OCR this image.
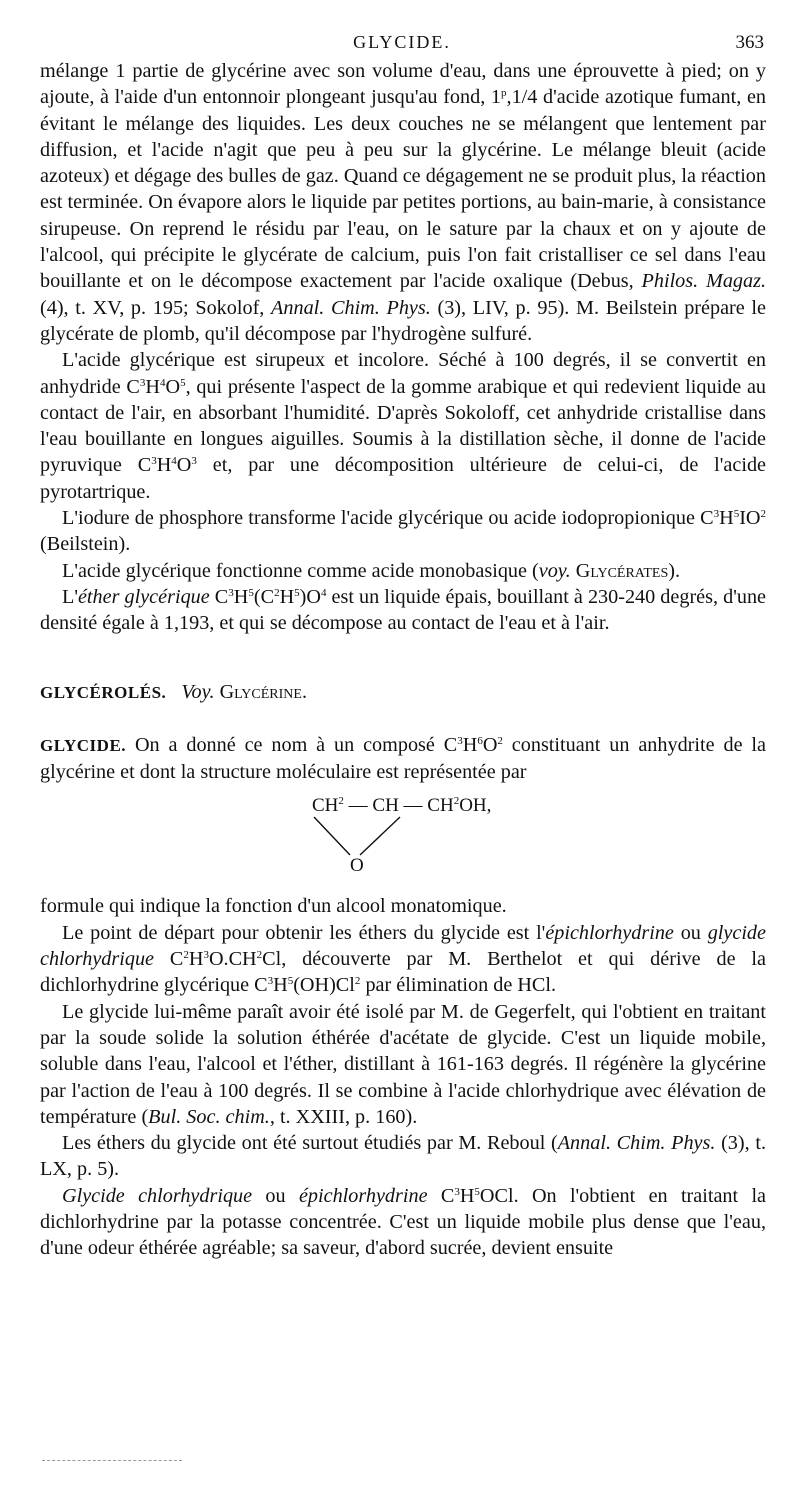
GLYCIDE.	363

mélange 1 partie de glycérine avec son volume d'eau, dans une éprouvette à pied; on y ajoute, à l'aide d'un entonnoir plongeant jusqu'au fond, 1$^p$,1/4 d'acide azotique fumant, en évitant le mélange des liquides. Les deux couches ne se mélangent que lentement par diffusion, et l'acide n'agit que peu à peu sur la glycérine. Le mélange bleuit (acide azoteux) et dégage des bulles de gaz. Quand ce dégagement ne se produit plus, la réaction est terminée. On évapore alors le liquide par petites portions, au bain-marie, à consistance sirupeuse. On reprend le résidu par l'eau, on le sature par la chaux et on y ajoute de l'alcool, qui précipite le glycérate de calcium, puis l'on fait cristalliser ce sel dans l'eau bouillante et on le décompose exactement par l'acide oxalique (Debus, Philos. Magaz. (4), t. XV, p. 195; Sokolof, Annal. Chim. Phys. (3), LIV, p. 95). M. Beilstein prépare le glycérate de plomb, qu'il décompose par l'hydrogène sulfuré.

L'acide glycérique est sirupeux et incolore. Séché à 100 degrés, il se convertit en anhydride $C^3H^4O^5$, qui présente l'aspect de la gomme arabique et qui redevient liquide au contact de l'air, en absorbant l'humidité. D'après Sokoloff, cet anhydride cristallise dans l'eau bouillante en longues aiguilles. Soumis à la distillation sèche, il donne de l'acide pyruvique $C^3H^4O^3$ et, par une décomposition ultérieure de celui-ci, de l'acide pyrotartrique.

L'iodure de phosphore transforme l'acide glycérique ou acide iodopropionique $C^3H^5IO^2$ (Beilstein).

L'acide glycérique fonctionne comme acide monobasique (voy. Glycérates).

L'éther glycérique $C^3H^5(C^2H^5)O^4$ est un liquide épais, bouillant à 230-240 degrés, d'une densité égale à 1,193, et qui se décompose au contact de l'eau et à l'air.

GLYCÉROLÉS. Voy. Glycérine.

GLYCIDE. On a donné ce nom à un composé $C^3H^6O^2$ constituant un anhydrite de la glycérine et dont la structure moléculaire est représentée par

$CH^2$ — CH — $CH^2OH$,
O

formule qui indique la fonction d'un alcool monatomique.

Le point de départ pour obtenir les éthers du glycide est l'épichlorhydrine ou glycide chlorhydrique $C^2H^3O.CH^2Cl$, découverte par M. Berthelot et qui dérive de la dichlorhydrine glycérique $C^3H^5(OH)Cl^2$ par élimination de HCl.

Le glycide lui-même paraît avoir été isolé par M. de Gegerfelt, qui l'obtient en traitant par la soude solide la solution éthérée d'acétate de glycide. C'est un liquide mobile, soluble dans l'eau, l'alcool et l'éther, distillant à 161-163 degrés. Il régénère la glycérine par l'action de l'eau à 100 degrés. Il se combine à l'acide chlorhydrique avec élévation de température (Bul. Soc. chim., t. XXIII, p. 160).

Les éthers du glycide ont été surtout étudiés par M. Reboul (Annal. Chim. Phys. (3), t. LX, p. 5).

Glycide chlorhydrique ou épichlorhydrine $C^3H^5OCl$. On l'obtient en traitant la dichlorhydrine par la potasse concentrée. C'est un liquide mobile plus dense que l'eau, d'une odeur éthérée agréable; sa saveur, d'abord sucrée, devient ensuite
